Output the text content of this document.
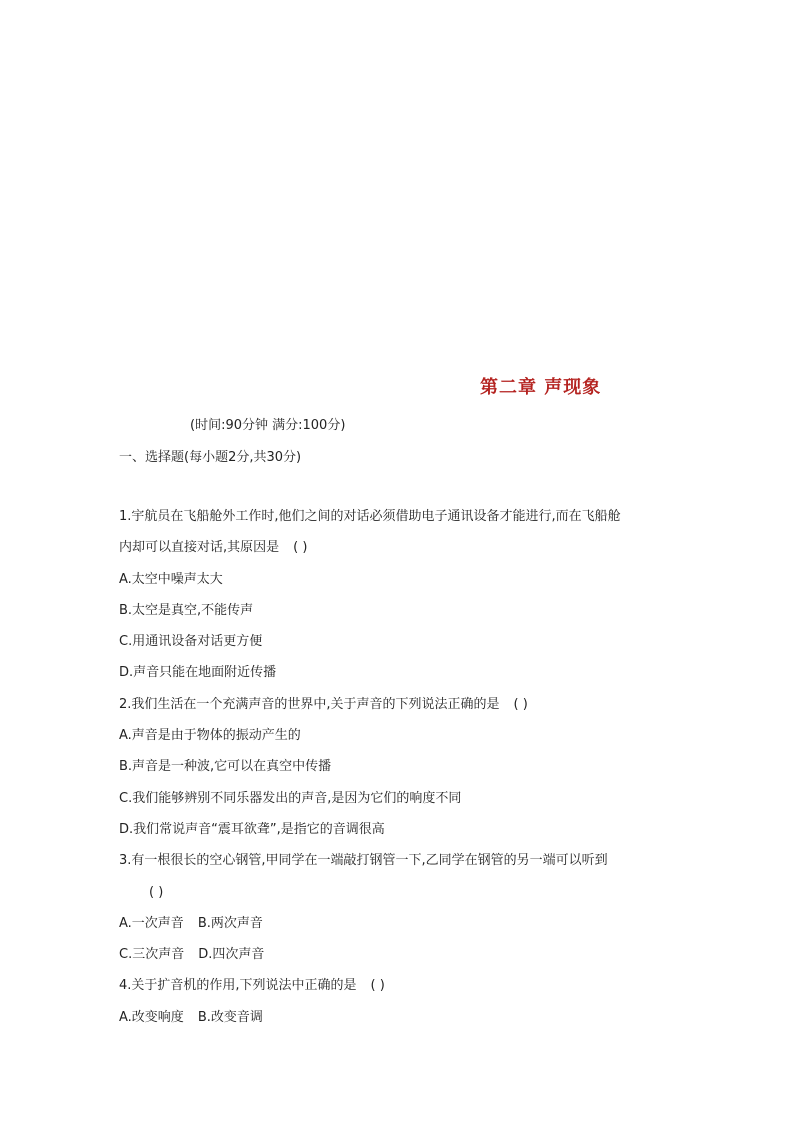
第二章 声现象
(时间:90分钟 满分:100分)
一、选择题(每小题2分,共30分)
1.宇航员在飞船舱外工作时,他们之间的对话必须借助电子通讯设备才能进行,而在飞船舱
内却可以直接对话,其原因是 ( )
A.太空中噪声太大
B.太空是真空,不能传声
C.用通讯设备对话更方便
D.声音只能在地面附近传播
2.我们生活在一个充满声音的世界中,关于声音的下列说法正确的是 ( )
A.声音是由于物体的振动产生的
B.声音是一种波,它可以在真空中传播
C.我们能够辨别不同乐器发出的声音,是因为它们的响度不同
D.我们常说声音“震耳欲聋”,是指它的音调很高
3.有一根很长的空心钢管,甲同学在一端敲打钢管一下,乙同学在钢管的另一端可以听到
( )
A.一次声音 B.两次声音
C.三次声音 D.四次声音
4.关于扩音机的作用,下列说法中正确的是 ( )
A.改变响度 B.改变音调
